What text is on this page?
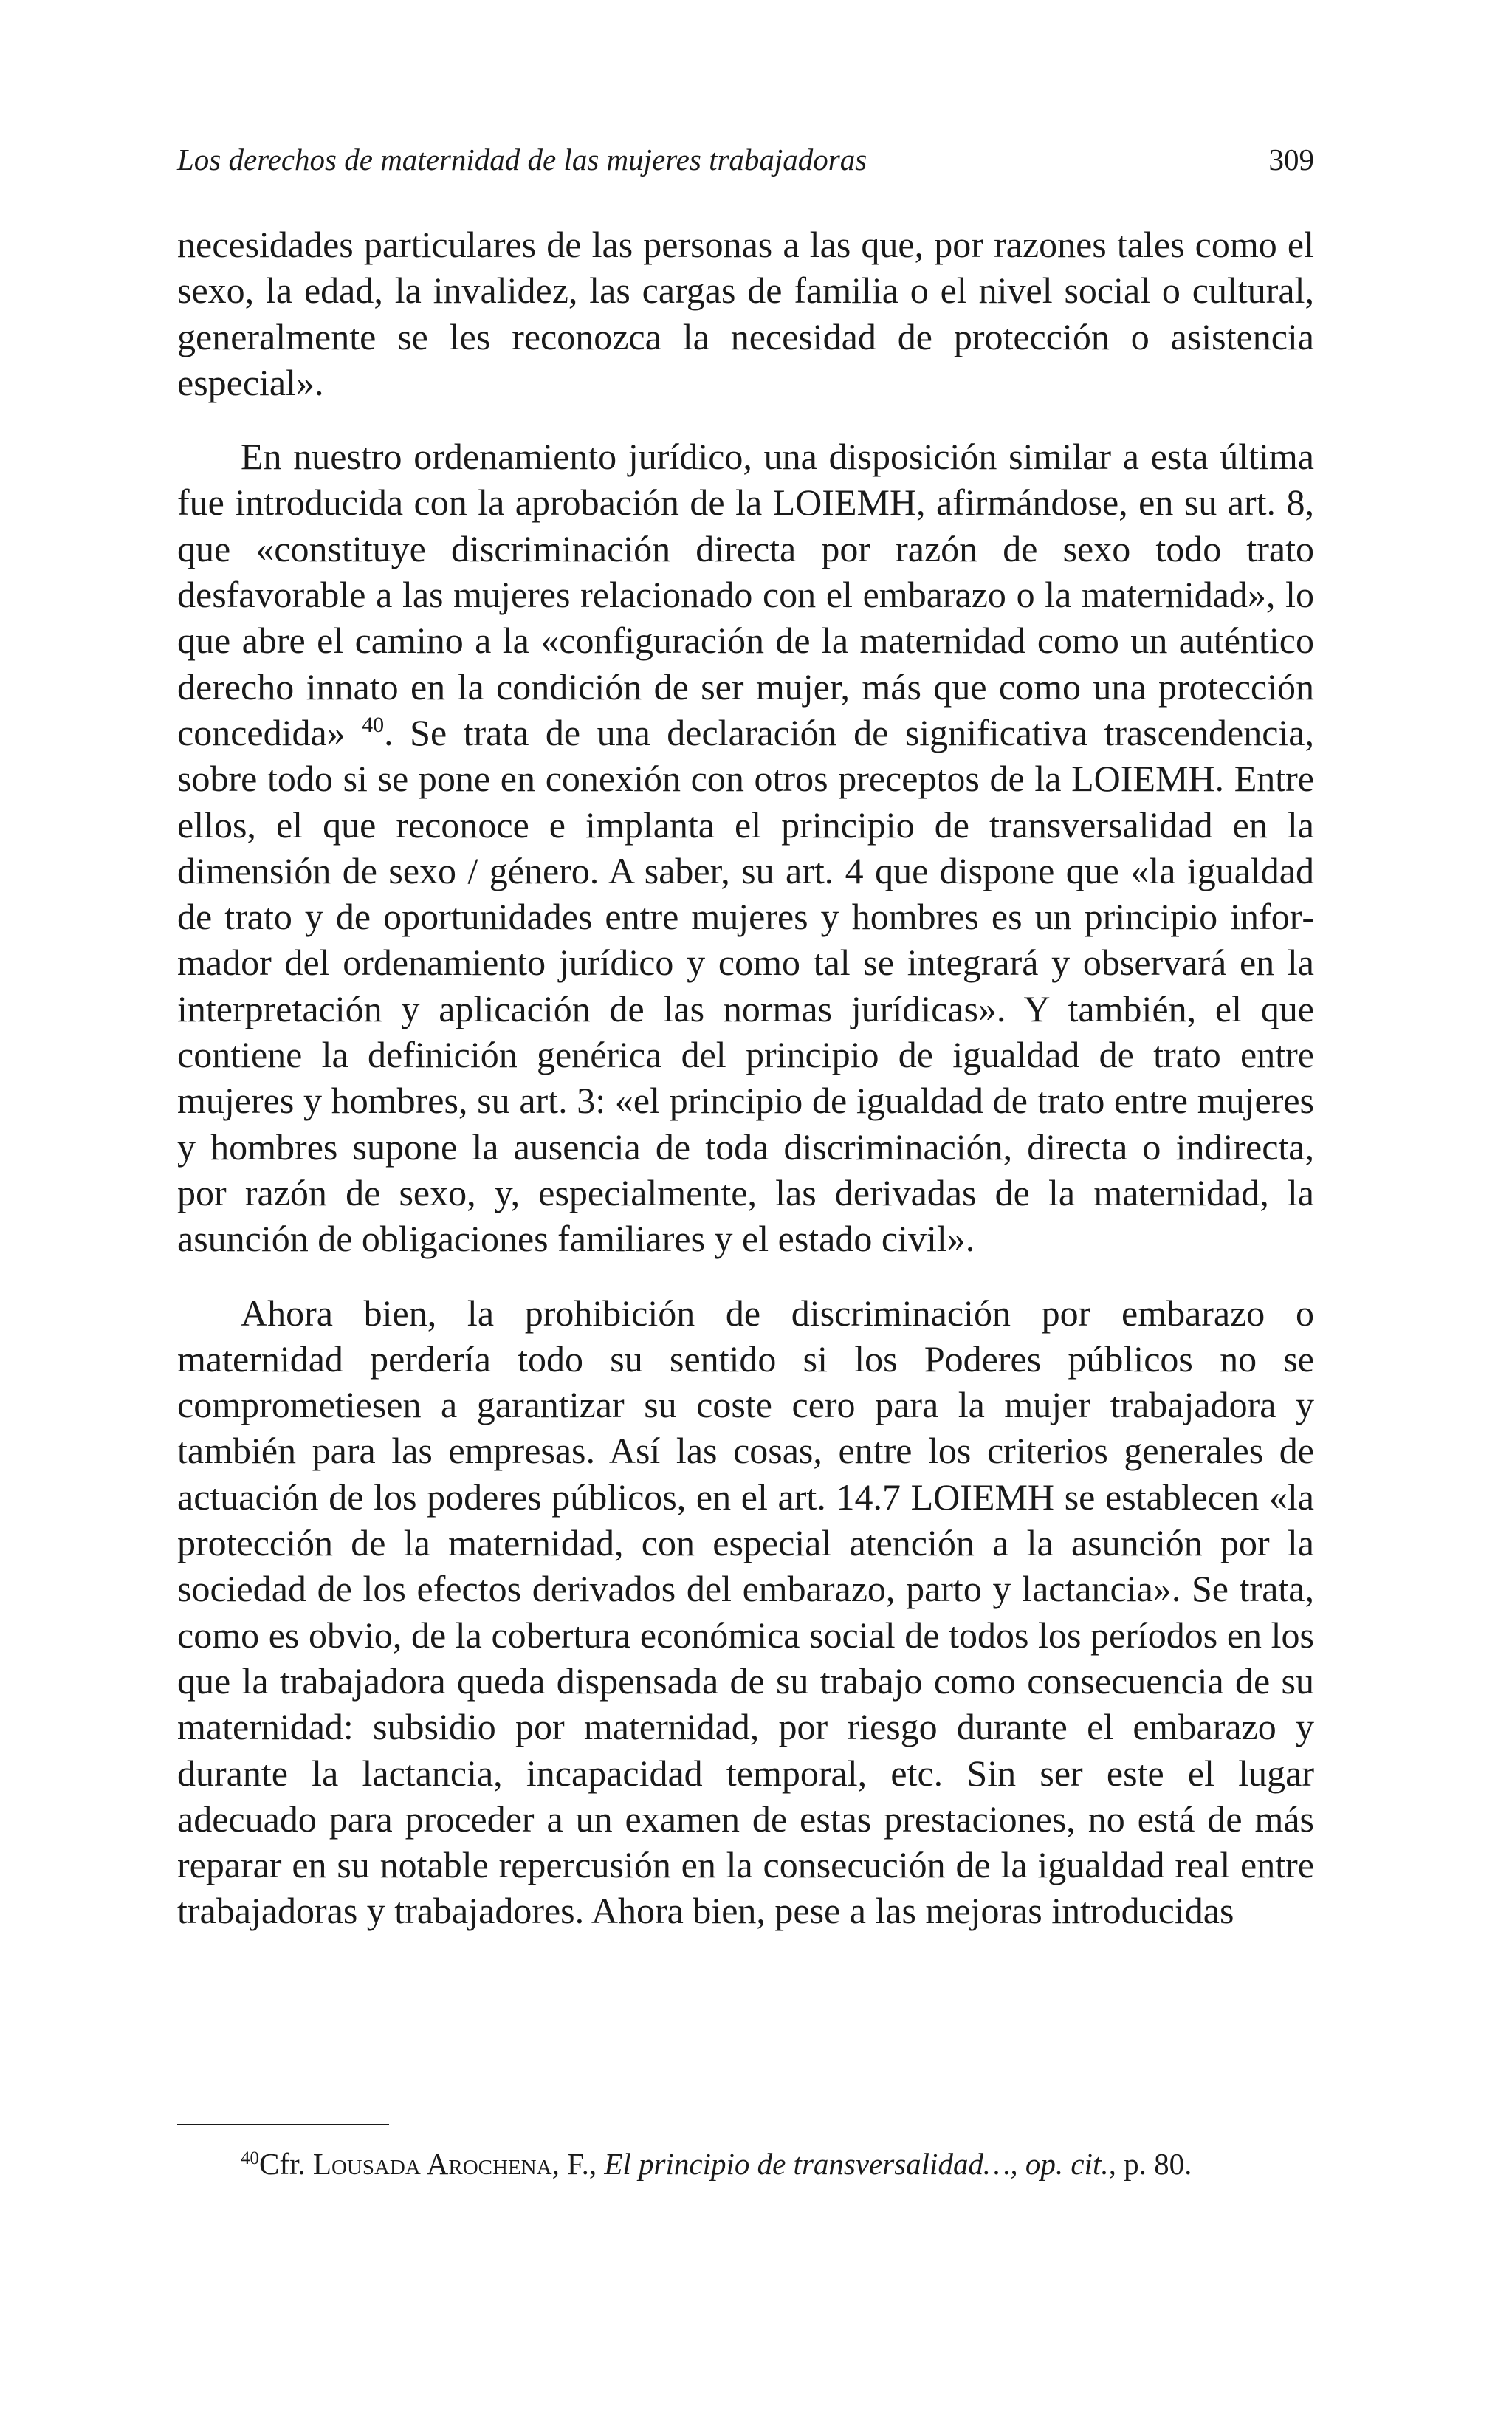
Los derechos de maternidad de las mujeres trabajadoras	309

necesidades particulares de las personas a las que, por razones tales como el sexo, la edad, la invalidez, las cargas de familia o el nivel social o cultural, generalmente se les reconozca la necesidad de protección o asistencia especial».

En nuestro ordenamiento jurídico, una disposición similar a esta última fue introducida con la aprobación de la LOIEMH, afirmándose, en su art. 8, que «constituye discriminación directa por razón de sexo todo trato desfavorable a las mujeres relacionado con el embarazo o la maternidad», lo que abre el camino a la «configuración de la maternidad como un auténtico derecho innato en la condición de ser mujer, más que como una protección concedida» $^{40}$. Se trata de una declaración de significativa trascendencia, sobre todo si se pone en conexión con otros preceptos de la LOIEMH. Entre ellos, el que reconoce e implanta el principio de transversalidad en la dimensión de sexo / género. A saber, su art. 4 que dispone que «la igualdad de trato y de oportunidades entre mujeres y hombres es un principio informador del ordenamiento jurídico y como tal se integrará y observará en la interpretación y aplicación de las normas jurídicas». Y también, el que contiene la definición genérica del principio de igualdad de trato entre mujeres y hombres, su art. 3: «el principio de igualdad de trato entre mujeres y hombres supone la ausencia de toda discriminación, directa o indirecta, por razón de sexo, y, especialmente, las derivadas de la maternidad, la asunción de obligaciones familiares y el estado civil».

Ahora bien, la prohibición de discriminación por embarazo o maternidad perdería todo su sentido si los Poderes públicos no se comprometiesen a garantizar su coste cero para la mujer trabajadora y también para las empresas. Así las cosas, entre los criterios generales de actuación de los poderes públicos, en el art. 14.7 LOIEMH se establecen «la protección de la maternidad, con especial atención a la asunción por la sociedad de los efectos derivados del embarazo, parto y lactancia». Se trata, como es obvio, de la cobertura económica social de todos los períodos en los que la trabajadora queda dispensada de su trabajo como consecuencia de su maternidad: subsidio por maternidad, por riesgo durante el embarazo y durante la lactancia, incapacidad temporal, etc. Sin ser este el lugar adecuado para proceder a un examen de estas prestaciones, no está de más reparar en su notable repercusión en la consecución de la igualdad real entre trabajadoras y trabajadores. Ahora bien, pese a las mejoras introducidas

$^{40}$Cfr. Lousada Arochena, F., El principio de transversalidad…, op. cit., p. 80.
